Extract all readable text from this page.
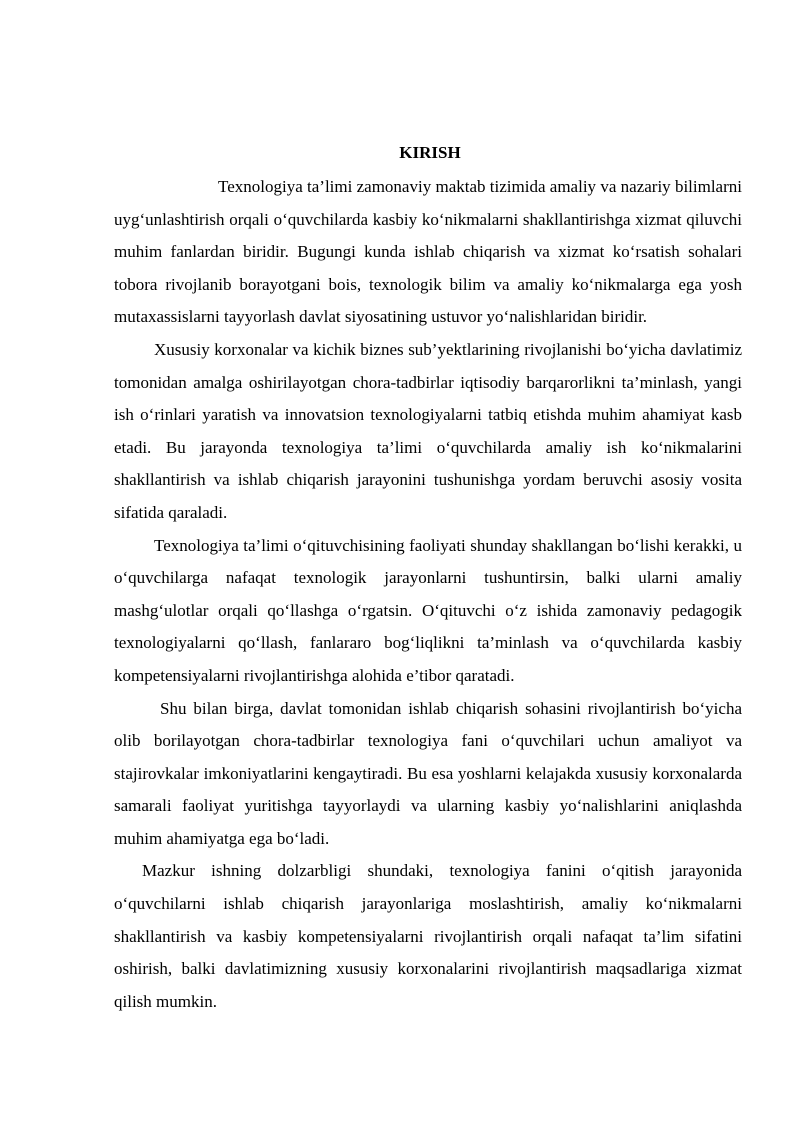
KIRISH

Texnologiya ta’limi zamonaviy maktab tizimida amaliy va nazariy bilimlarni uyg‘unlashtirish orqali o‘quvchilarda kasbiy ko‘nikmalarni shakllantirishga xizmat qiluvchi muhim fanlardan biridir. Bugungi kunda ishlab chiqarish va xizmat ko‘rsatish sohalari tobora rivojlanib borayotgani bois, texnologik bilim va amaliy ko‘nikmalarga ega yosh mutaxassislarni tayyorlash davlat siyosatining ustuvor yo‘nalishlaridan biridir.

Xususiy korxonalar va kichik biznes sub’yektlarining rivojlanishi bo‘yicha davlatimiz tomonidan amalga oshirilayotgan chora-tadbirlar iqtisodiy barqarorlikni ta’minlash, yangi ish o‘rinlari yaratish va innovatsion texnologiyalarni tatbiq etishda muhim ahamiyat kasb etadi. Bu jarayonda texnologiya ta’limi o‘quvchilarda amaliy ish ko‘nikmalarini shakllantirish va ishlab chiqarish jarayonini tushunishga yordam beruvchi asosiy vosita sifatida qaraladi.

Texnologiya ta’limi o‘qituvchisining faoliyati shunday shakllangan bo‘lishi kerakki, u o‘quvchilarga nafaqat texnologik jarayonlarni tushuntirsin, balki ularni amaliy mashg‘ulotlar orqali qo‘llashga o‘rgatsin. O‘qituvchi o‘z ishida zamonaviy pedagogik texnologiyalarni qo‘llash, fanlararo bog‘liqlikni ta’minlash va o‘quvchilarda kasbiy kompetensiyalarni rivojlantirishga alohida e’tibor qaratadi.

Shu bilan birga, davlat tomonidan ishlab chiqarish sohasini rivojlantirish bo‘yicha olib borilayotgan chora-tadbirlar texnologiya fani o‘quvchilari uchun amaliyot va stajirovkalar imkoniyatlarini kengaytiradi. Bu esa yoshlarni kelajakda xususiy korxonalarda samarali faoliyat yuritishga tayyorlaydi va ularning kasbiy yo‘nalishlarini aniqlashda muhim ahamiyatga ega bo‘ladi.

Mazkur ishning dolzarbligi shundaki, texnologiya fanini o‘qitish jarayonida o‘quvchilarni ishlab chiqarish jarayonlariga moslashtirish, amaliy ko‘nikmalarni shakllantirish va kasbiy kompetensiyalarni rivojlantirish orqali nafaqat ta’lim sifatini oshirish, balki davlatimizning xususiy korxonalarini rivojlantirish maqsadlariga xizmat qilish mumkin.
